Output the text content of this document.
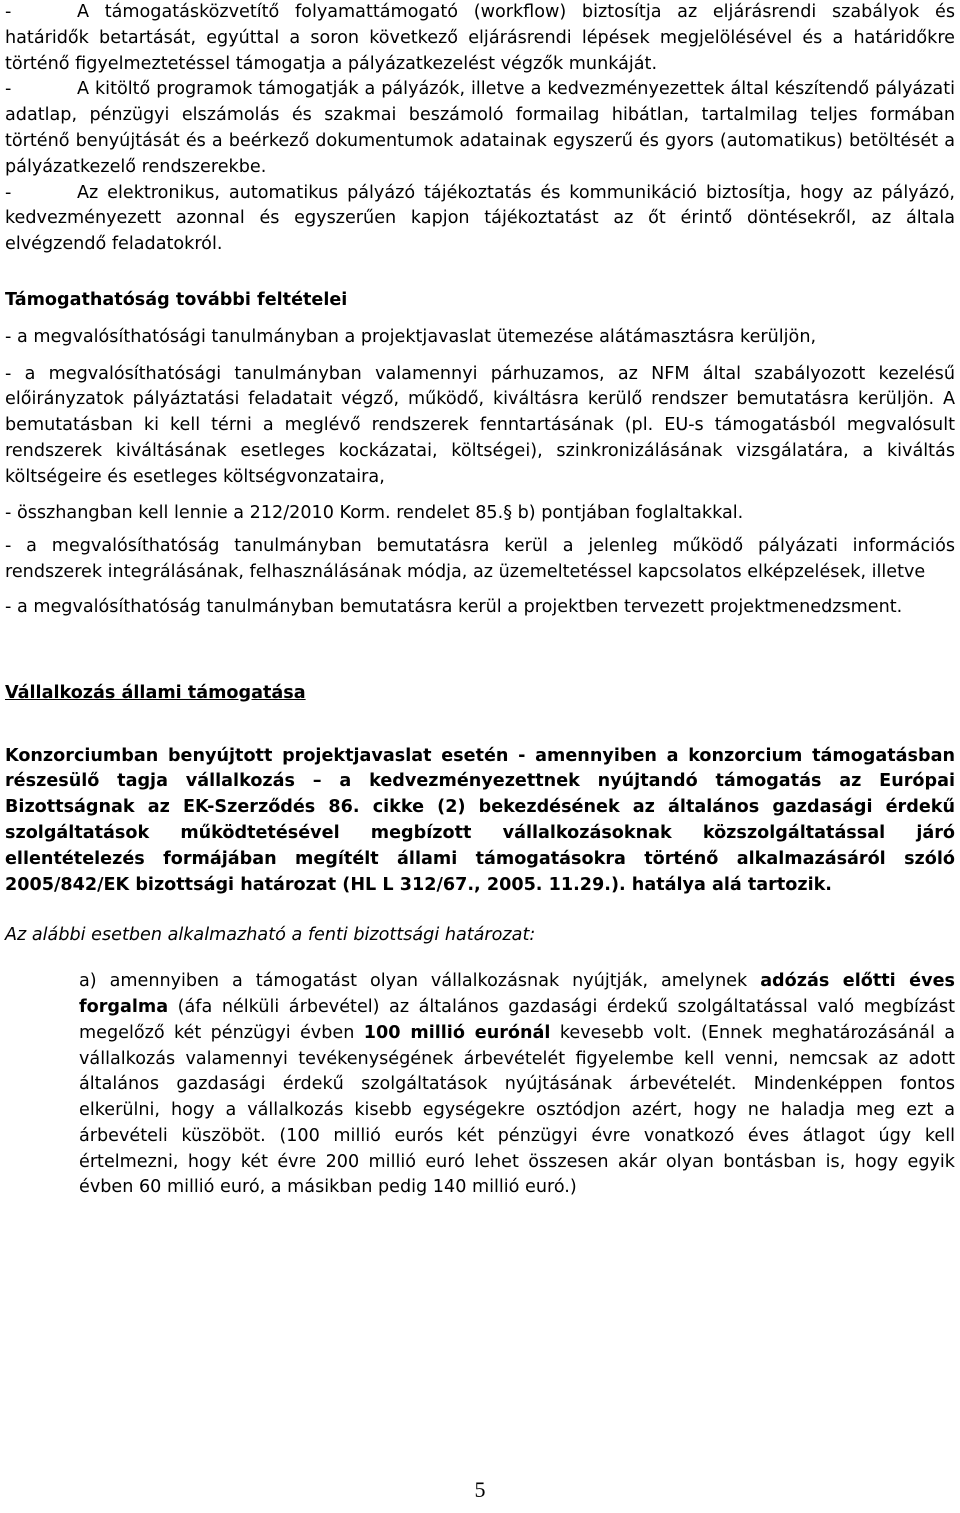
-	A támogatásközvetítő folyamattámogató (workflow) biztosítja az eljárásrendi szabályok és határidők betartását, egyúttal a soron következő eljárásrendi lépések megjelölésével és a határidőkre történő figyelmeztetéssel támogatja a pályázatkezelést végzők munkáját.

-	A kitöltő programok támogatják a pályázók, illetve a kedvezményezettek által készítendő pályázati adatlap, pénzügyi elszámolás és szakmai beszámoló formailag hibátlan, tartalmilag teljes formában történő benyújtását és a beérkező dokumentumok adatainak egyszerű és gyors (automatikus) betöltését a pályázatkezelő rendszerekbe.

-	Az elektronikus, automatikus pályázó tájékoztatás és kommunikáció biztosítja, hogy az pályázó, kedvezményezett azonnal és egyszerűen kapjon tájékoztatást az őt érintő döntésekről, az általa elvégzendő feladatokról.

Támogathatóság további feltételei

- a megvalósíthatósági tanulmányban a projektjavaslat ütemezése alátámasztásra kerüljön,

- a megvalósíthatósági tanulmányban valamennyi párhuzamos, az NFM által szabályozott kezelésű előirányzatok pályáztatási feladatait végző, működő, kiváltásra kerülő rendszer bemutatásra kerüljön. A bemutatásban ki kell térni a meglévő rendszerek fenntartásának (pl. EU-s támogatásból megvalósult rendszerek kiváltásának esetleges kockázatai, költségei), szinkronizálásának vizsgálatára, a kiváltás költségeire és esetleges költségvonzataira,

- összhangban kell lennie a 212/2010 Korm. rendelet 85.§ b) pontjában foglaltakkal.

- a megvalósíthatóság tanulmányban bemutatásra kerül a jelenleg működő pályázati információs rendszerek integrálásának, felhasználásának módja, az üzemeltetéssel kapcsolatos elképzelések, illetve

- a megvalósíthatóság tanulmányban bemutatásra kerül a projektben tervezett projektmenedzsment.

Vállalkozás állami támogatása

Konzorciumban benyújtott projektjavaslat esetén - amennyiben a konzorcium támogatásban részesülő tagja vállalkozás – a kedvezményezettnek nyújtandó támogatás az Európai Bizottságnak az EK-Szerződés 86. cikke (2) bekezdésének az általános gazdasági érdekű szolgáltatások működtetésével megbízott vállalkozásoknak közszolgáltatással járó ellentételezés formájában megítélt állami támogatásokra történő alkalmazásáról szóló 2005/842/EK bizottsági határozat (HL L 312/67., 2005. 11.29.). hatálya alá tartozik.

Az alábbi esetben alkalmazható a fenti bizottsági határozat:

a) amennyiben a támogatást olyan vállalkozásnak nyújtják, amelynek adózás előtti éves forgalma (áfa nélküli árbevétel) az általános gazdasági érdekű szolgáltatással való megbízást megelőző két pénzügyi évben 100 millió eurónál kevesebb volt. (Ennek meghatározásánál a vállalkozás valamennyi tevékenységének árbevételét figyelembe kell venni, nemcsak az adott általános gazdasági érdekű szolgáltatások nyújtásának árbevételét. Mindenképpen fontos elkerülni, hogy a vállalkozás kisebb egységekre osztódjon azért, hogy ne haladja meg ezt a árbevételi küszöböt. (100 millió eurós két pénzügyi évre vonatkozó éves átlagot úgy kell értelmezni, hogy két évre 200 millió euró lehet összesen akár olyan bontásban is, hogy egyik évben 60 millió euró, a másikban pedig 140 millió euró.)

5
